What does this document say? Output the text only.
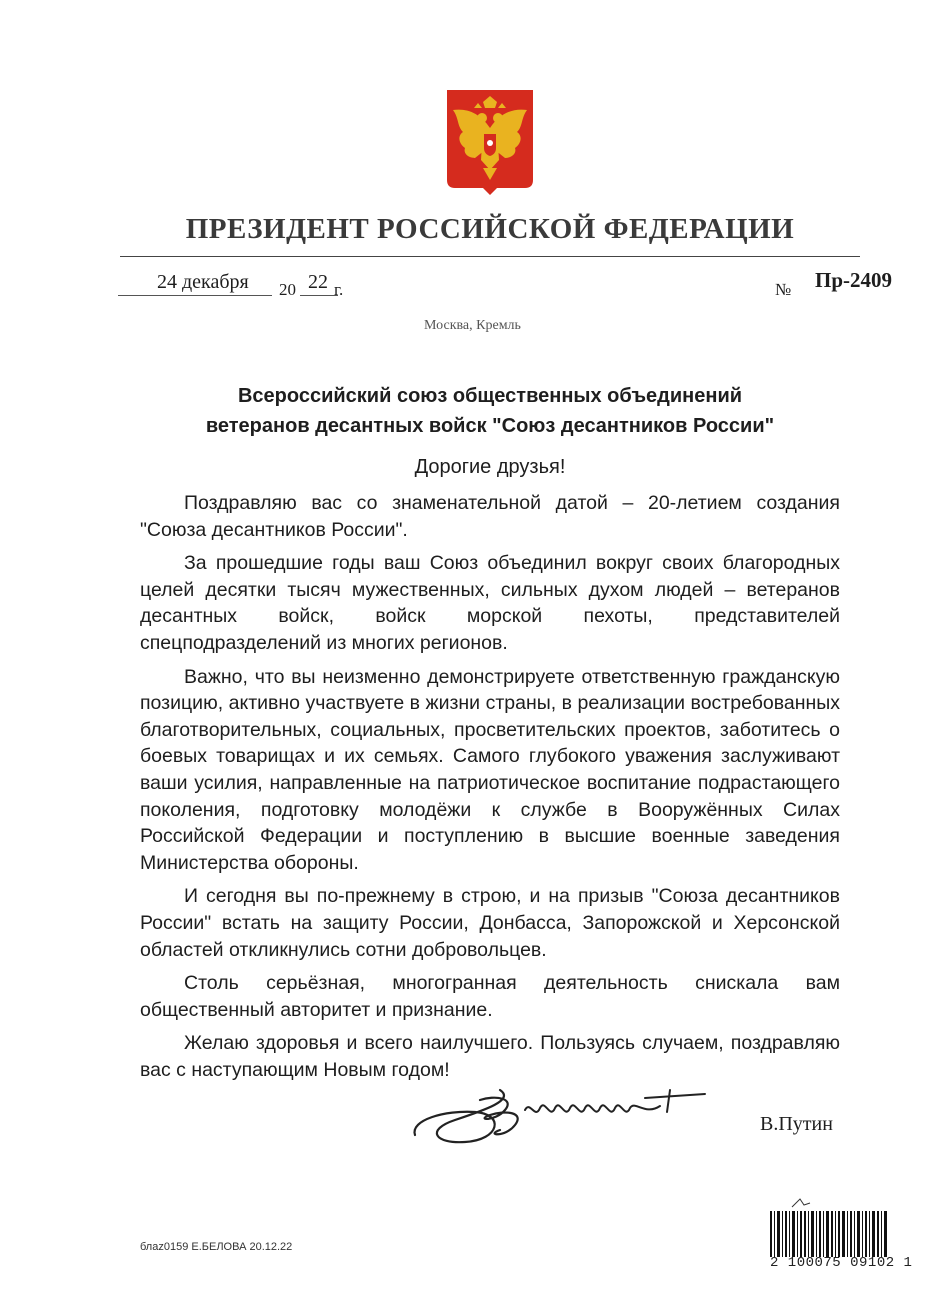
ПРЕЗИДЕНТ РОССИЙСКОЙ ФЕДЕРАЦИИ
24 декабря 20 22 г.	№ Пр-2409
Москва, Кремль
Всероссийский союз общественных объединений
ветеранов десантных войск "Союз десантников России"
Дорогие друзья!

Поздравляю вас со знаменательной датой – 20-летием создания "Союза десантников России".

За прошедшие годы ваш Союз объединил вокруг своих благородных целей десятки тысяч мужественных, сильных духом людей – ветеранов десантных войск, войск морской пехоты, представителей спецподразделений из многих регионов.

Важно, что вы неизменно демонстрируете ответственную гражданскую позицию, активно участвуете в жизни страны, в реализации востребованных благотворительных, социальных, просветительских проектов, заботитесь о боевых товарищах и их семьях. Самого глубокого уважения заслуживают ваши усилия, направленные на патриотическое воспитание подрастающего поколения, подготовку молодёжи к службе в Вооружённых Силах Российской Федерации и поступлению в высшие военные заведения Министерства обороны.

И сегодня вы по-прежнему в строю, и на призыв "Союза десантников России" встать на защиту России, Донбасса, Запорожской и Херсонской областей откликнулись сотни добровольцев.

Столь серьёзная, многогранная деятельность снискала вам общественный авторитет и признание.

Желаю здоровья и всего наилучшего. Пользуясь случаем, поздравляю вас с наступающим Новым годом!

В.Путин
блаz0159 Е.БЕЛОВА 20.12.22
2 100075 09102 1
